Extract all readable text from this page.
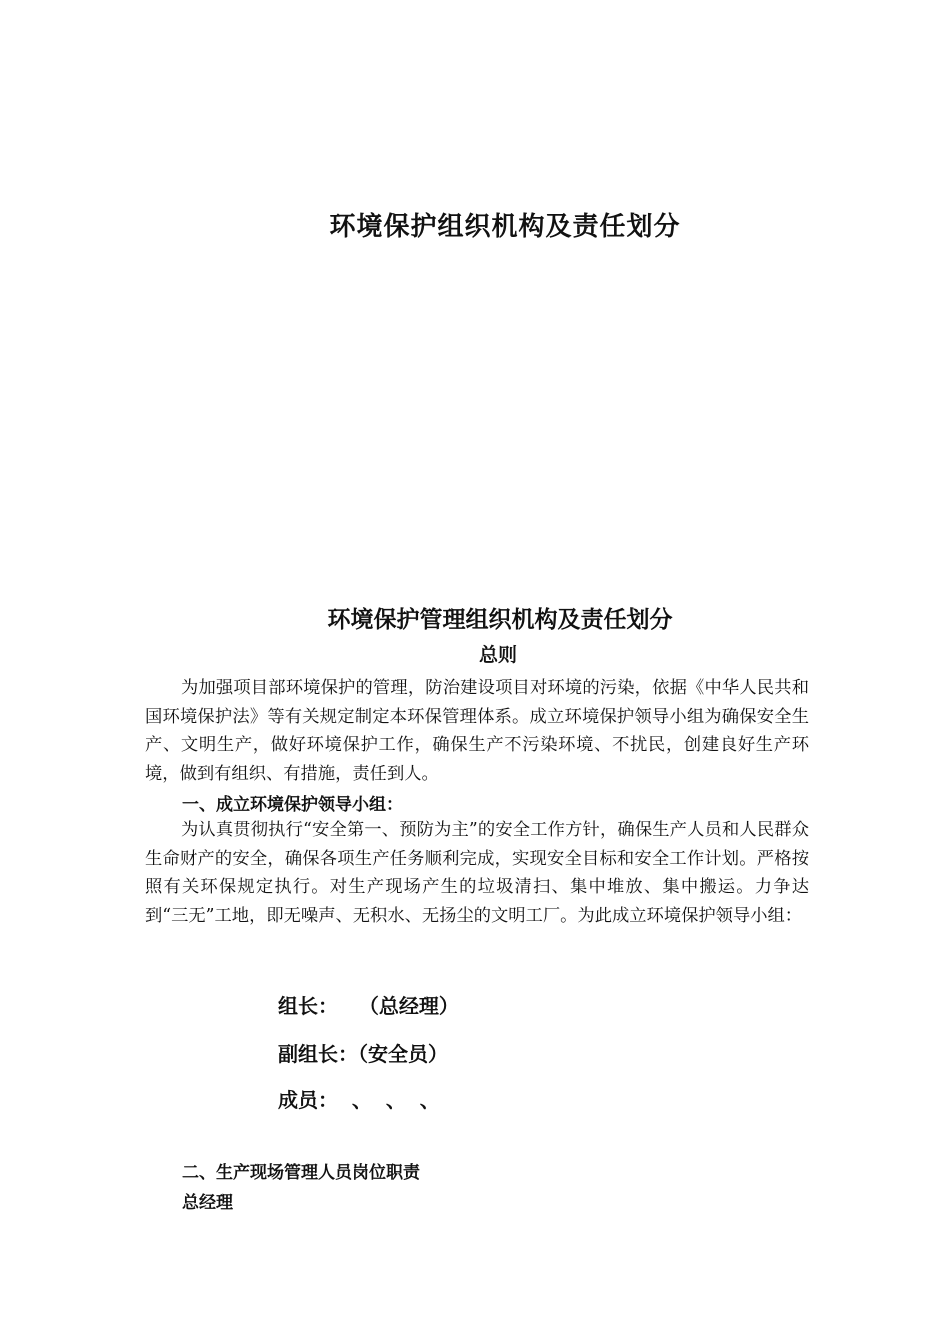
环境保护组织机构及责任划分
环境保护管理组织机构及责任划分
总则

为加强项目部环境保护的管理，防治建设项目对环境的污染，依据《中华人民共和国环境保护法》等有关规定制定本环保管理体系。成立环境保护领导小组为确保安全生产、文明生产，做好环境保护工作，确保生产不污染环境、不扰民，创建良好生产环境，做到有组织、有措施，责任到人。

一、成立环境保护领导小组：

为认真贯彻执行“安全第一、预防为主”的安全工作方针，确保生产人员和人民群众生命财产的安全，确保各项生产任务顺利完成，实现安全目标和安全工作计划。严格按照有关环保规定执行。对生产现场产生的垃圾清扫、集中堆放、集中搬运。力争达到“三无”工地，即无噪声、无积水、无扬尘的文明工厂。为此成立环境保护领导小组：

组长：   （总经理）
副组长：（安全员）
成员：  、  、  、
二、生产现场管理人员岗位职责
总经理
